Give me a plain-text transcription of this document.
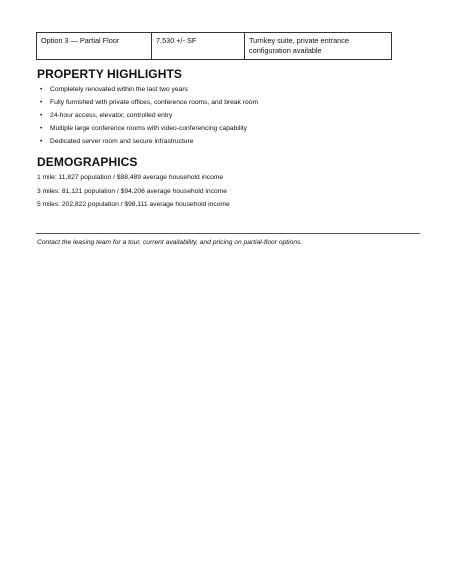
Option 3 — Partial Floor	7,530 +/- SF	Turnkey suite, private entrance configuration available
PROPERTY HIGHLIGHTS
• Completely renovated within the last two years
• Fully furnished with private offices, conference rooms, and break room
• 24-hour access, elevator, controlled entry
• Multiple large conference rooms with video-conferencing capability
• Dedicated server room and secure infrastructure
DEMOGRAPHICS
1 mile: 11,827 population / $88,489 average household income
3 miles: 81,121 population / $94,206 average household income
5 miles: 202,822 population / $98,111 average household income
Contact the leasing team for a tour, current availability, and pricing on partial-floor options.
